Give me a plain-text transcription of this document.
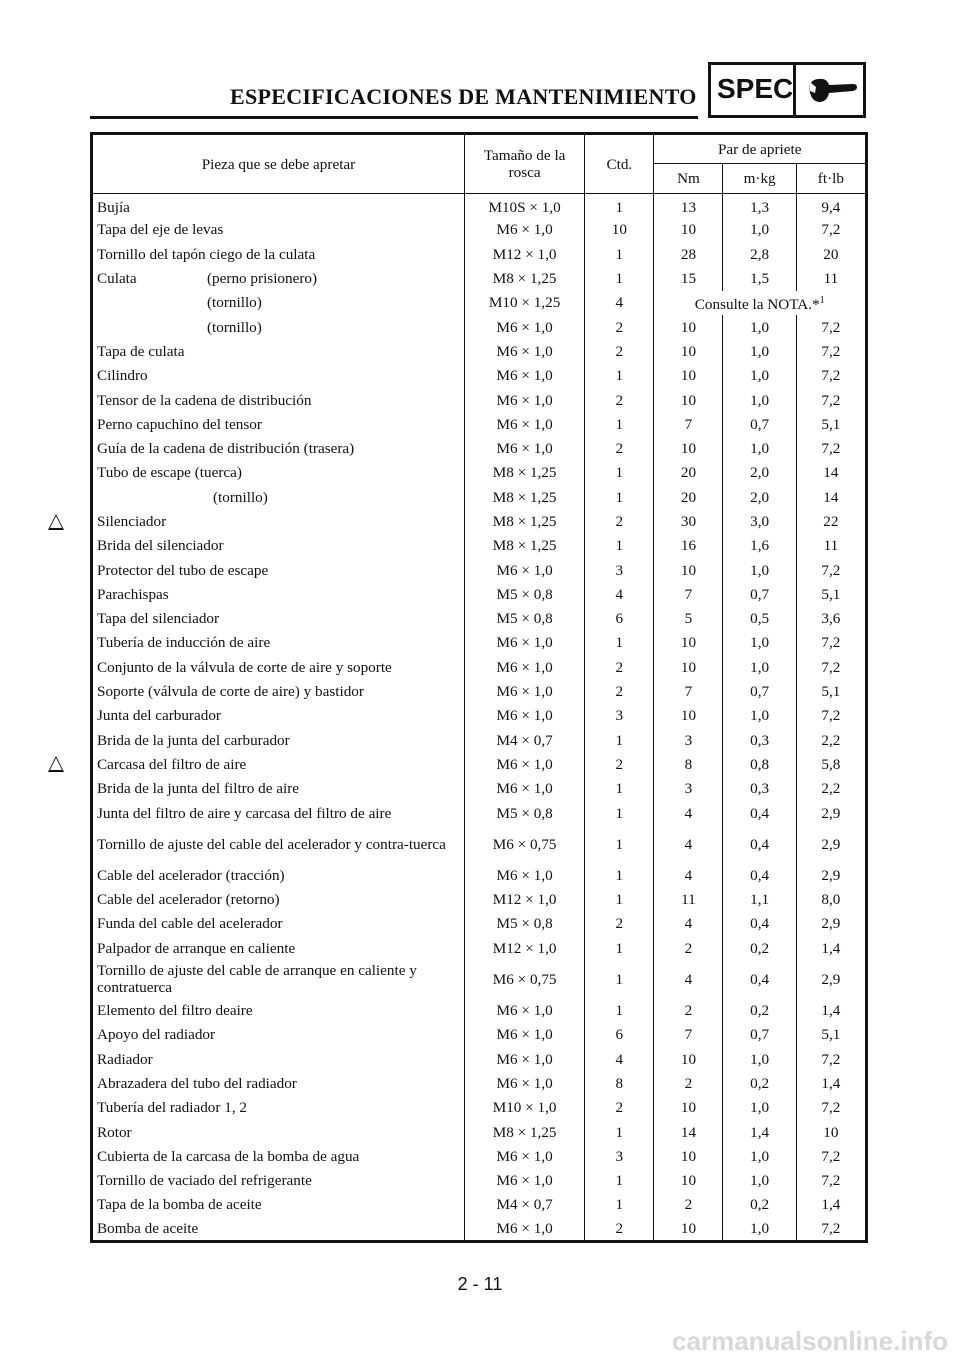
ESPECIFICACIONES DE MANTENIMIENTO SPEC
Pieza que se debe apretar	Tamaño de la rosca	Ctd.	Par de apriete		
			Nm	m·kg	ft·lb
Bujía	M10S × 1,0	1	13	1,3	9,4
Tapa del eje de levas	M6 × 1,0	10	10	1,0	7,2
Tornillo del tapón ciego de la culata	M12 × 1,0	1	28	2,8	20
Culata (perno prisionero)	M8 × 1,25	1	15	1,5	11
(tornillo)	M10 × 1,25	4	Consulte la NOTA.*$^1$
(tornillo)	M6 × 1,0	2	10	1,0	7,2
Tapa de culata	M6 × 1,0	2	10	1,0	7,2
Cilindro	M6 × 1,0	1	10	1,0	7,2
Tensor de la cadena de distribución	M6 × 1,0	2	10	1,0	7,2
Perno capuchino del tensor	M6 × 1,0	1	7	0,7	5,1
Guía de la cadena de distribución (trasera)	M6 × 1,0	2	10	1,0	7,2
Tubo de escape (tuerca)	M8 × 1,25	1	20	2,0	14
(tornillo)	M8 × 1,25	1	20	2,0	14
Silenciador	M8 × 1,25	2	30	3,0	22
Brida del silenciador	M8 × 1,25	1	16	1,6	11
Protector del tubo de escape	M6 × 1,0	3	10	1,0	7,2
Parachispas	M5 × 0,8	4	7	0,7	5,1
Tapa del silenciador	M5 × 0,8	6	5	0,5	3,6
Tubería de inducción de aire	M6 × 1,0	1	10	1,0	7,2
Conjunto de la válvula de corte de aire y soporte	M6 × 1,0	2	10	1,0	7,2
Soporte (válvula de corte de aire) y bastidor	M6 × 1,0	2	7	0,7	5,1
Junta del carburador	M6 × 1,0	3	10	1,0	7,2
Brida de la junta del carburador	M4 × 0,7	1	3	0,3	2,2
Carcasa del filtro de aire	M6 × 1,0	2	8	0,8	5,8
Brida de la junta del filtro de aire	M6 × 1,0	1	3	0,3	2,2
Junta del filtro de aire y carcasa del filtro de aire	M5 × 0,8	1	4	0,4	2,9
Tornillo de ajuste del cable del acelerador y contra-tuerca	M6 × 0,75	1	4	0,4	2,9
Cable del acelerador (tracción)	M6 × 1,0	1	4	0,4	2,9
Cable del acelerador (retorno)	M12 × 1,0	1	11	1,1	8,0
Funda del cable del acelerador	M5 × 0,8	2	4	0,4	2,9
Palpador de arranque en caliente	M12 × 1,0	1	2	0,2	1,4
Tornillo de ajuste del cable de arranque en caliente y contratuerca	M6 × 0,75	1	4	0,4	2,9
Elemento del filtro deaire	M6 × 1,0	1	2	0,2	1,4
Apoyo del radiador	M6 × 1,0	6	7	0,7	5,1
Radiador	M6 × 1,0	4	10	1,0	7,2
Abrazadera del tubo del radiador	M6 × 1,0	8	2	0,2	1,4
Tubería del radiador 1, 2	M10 × 1,0	2	10	1,0	7,2
Rotor	M8 × 1,25	1	14	1,4	10
Cubierta de la carcasa de la bomba de agua	M6 × 1,0	3	10	1,0	7,2
Tornillo de vaciado del refrigerante	M6 × 1,0	1	10	1,0	7,2
Tapa de la bomba de aceite	M4 × 0,7	1	2	0,2	1,4
Bomba de aceite	M6 × 1,0	2	10	1,0	7,2
2 - 11
carmanualsonline.info
